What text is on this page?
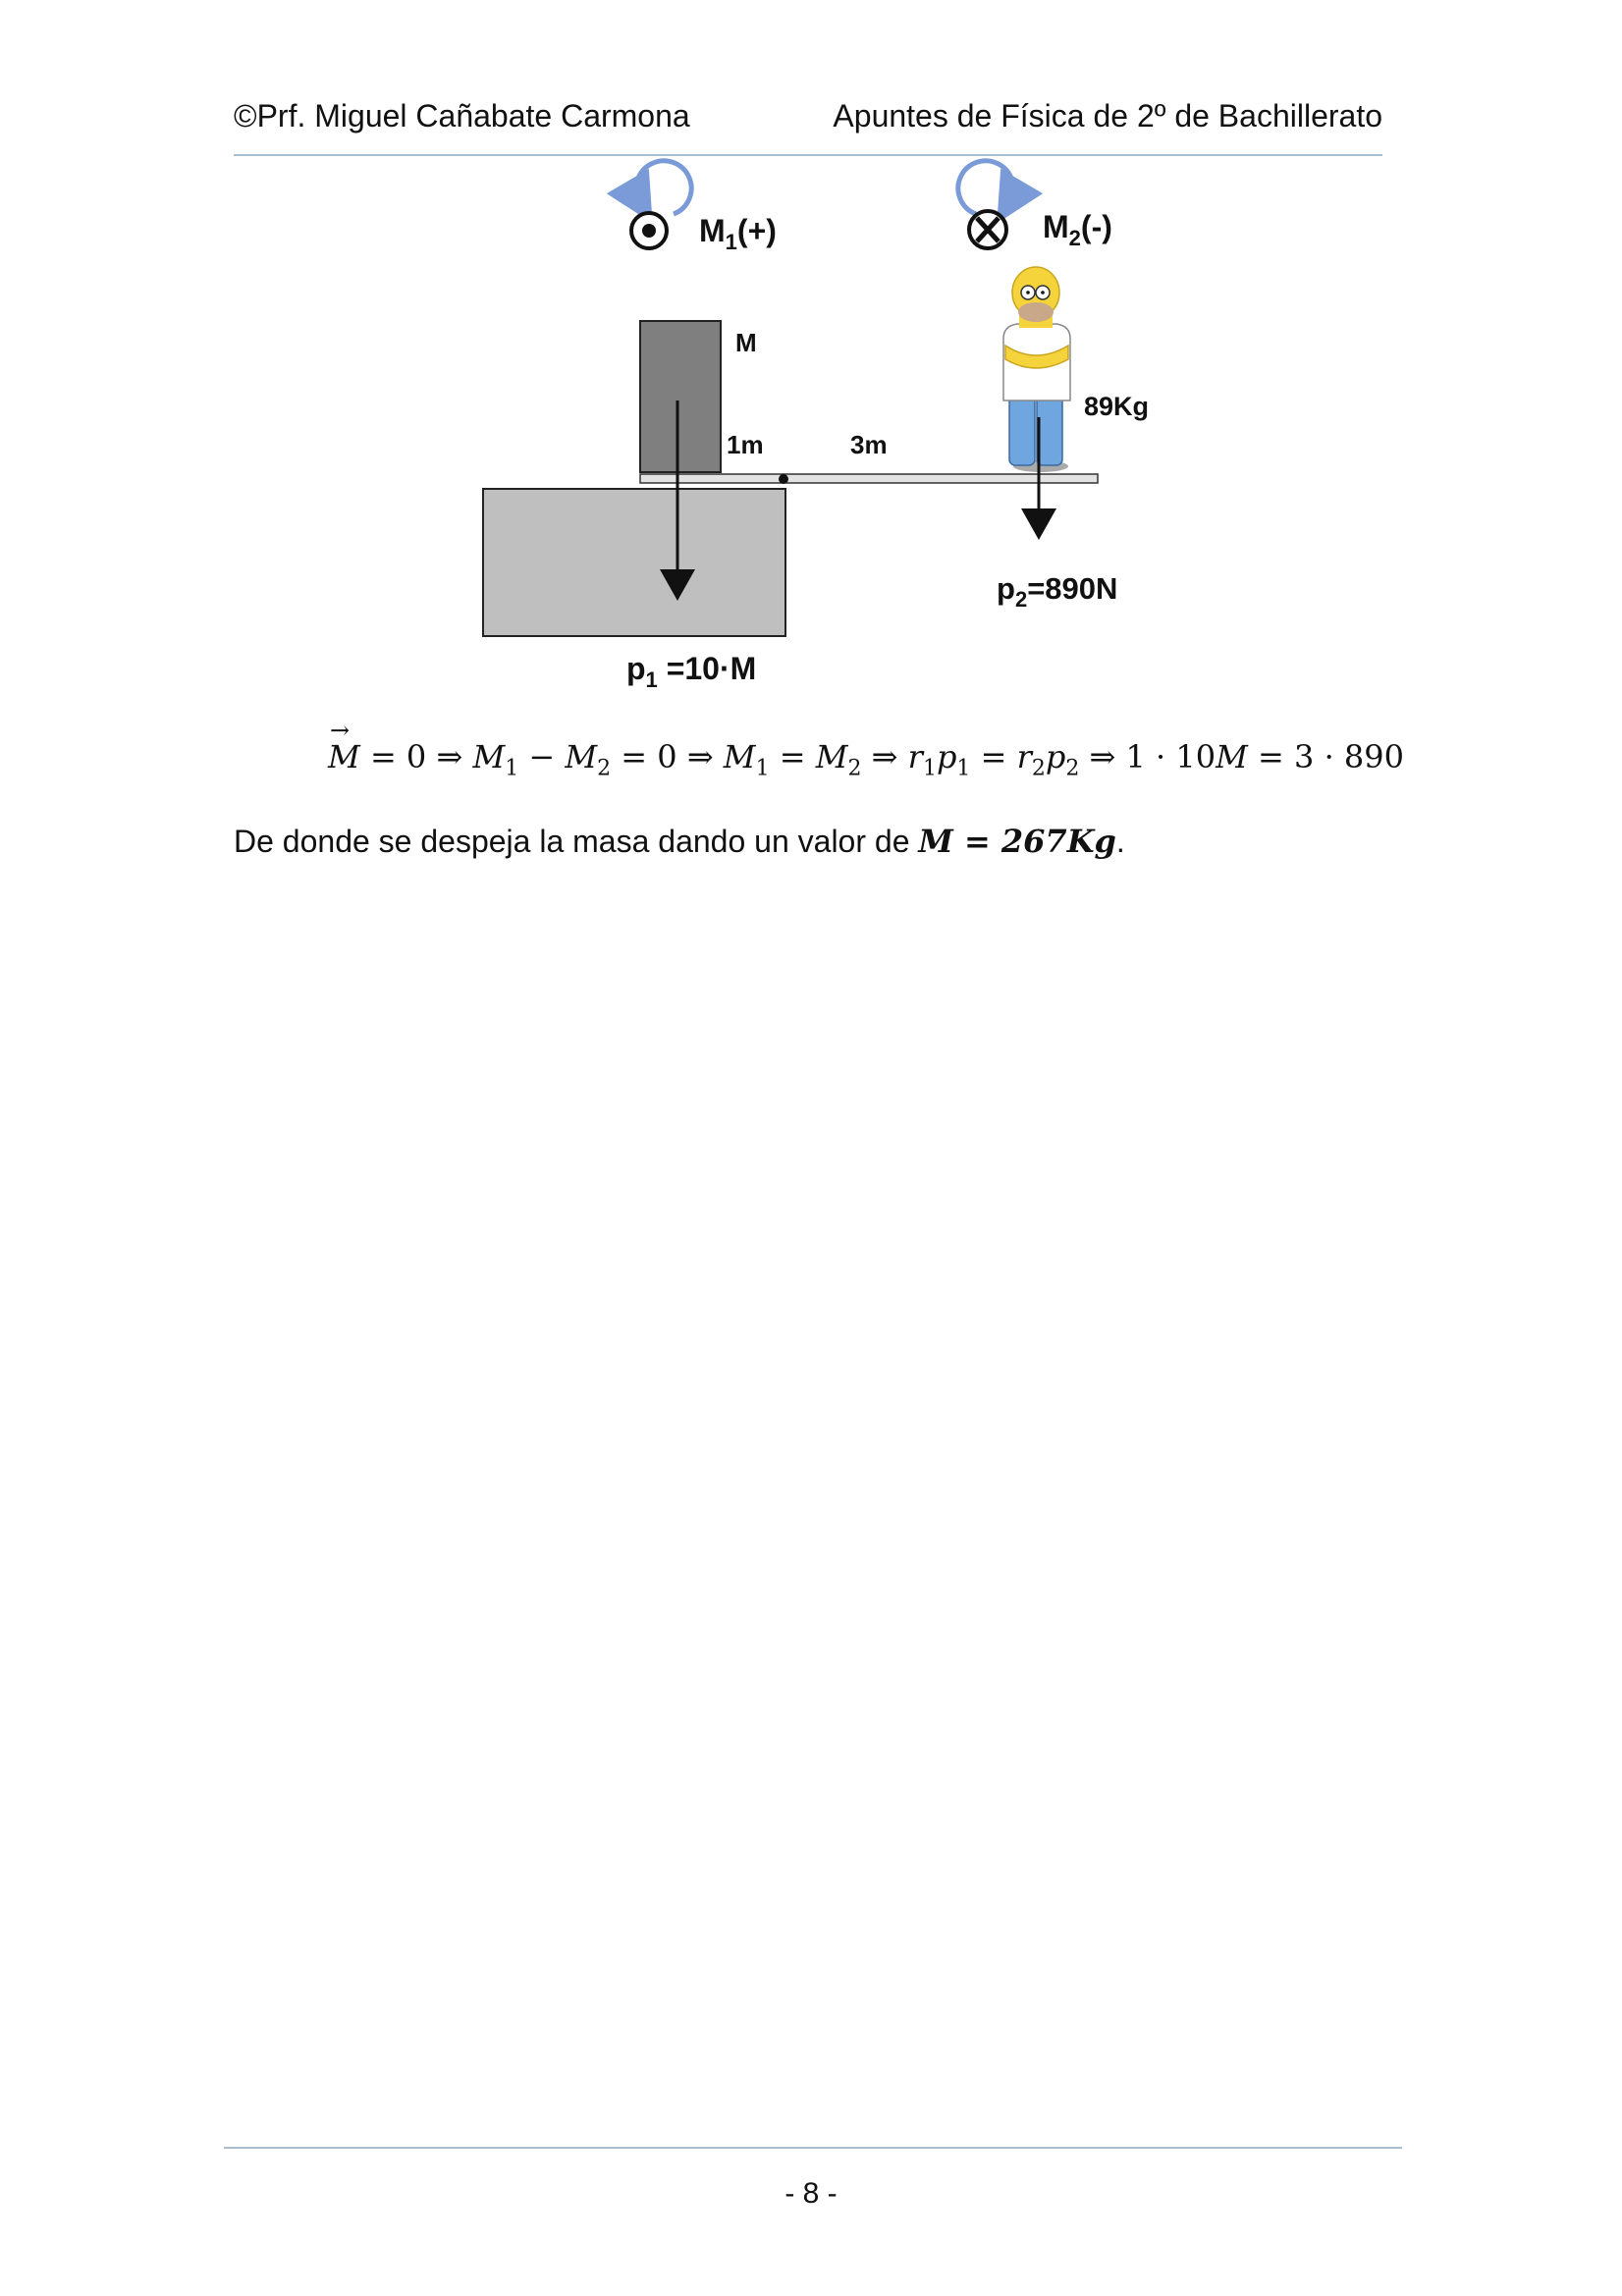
©Prf. Miguel Cañabate Carmona	Apuntes de Física de 2º de Bachillerato
$M_1(+)$	$M_2(-)$
M
1m	3m
$p_1 =10\cdot M$
89Kg
$p_2=890N$
M
→
= 0 ⇒ $M_1 - M_2 = 0$ ⇒ $M_1 = M_2$ ⇒ $r_1p_1 = r_2p_2$ ⇒ 1 · 10M = 3 · 890
De donde se despeja la masa dando un valor de M = 267Kg.
- 8 -
